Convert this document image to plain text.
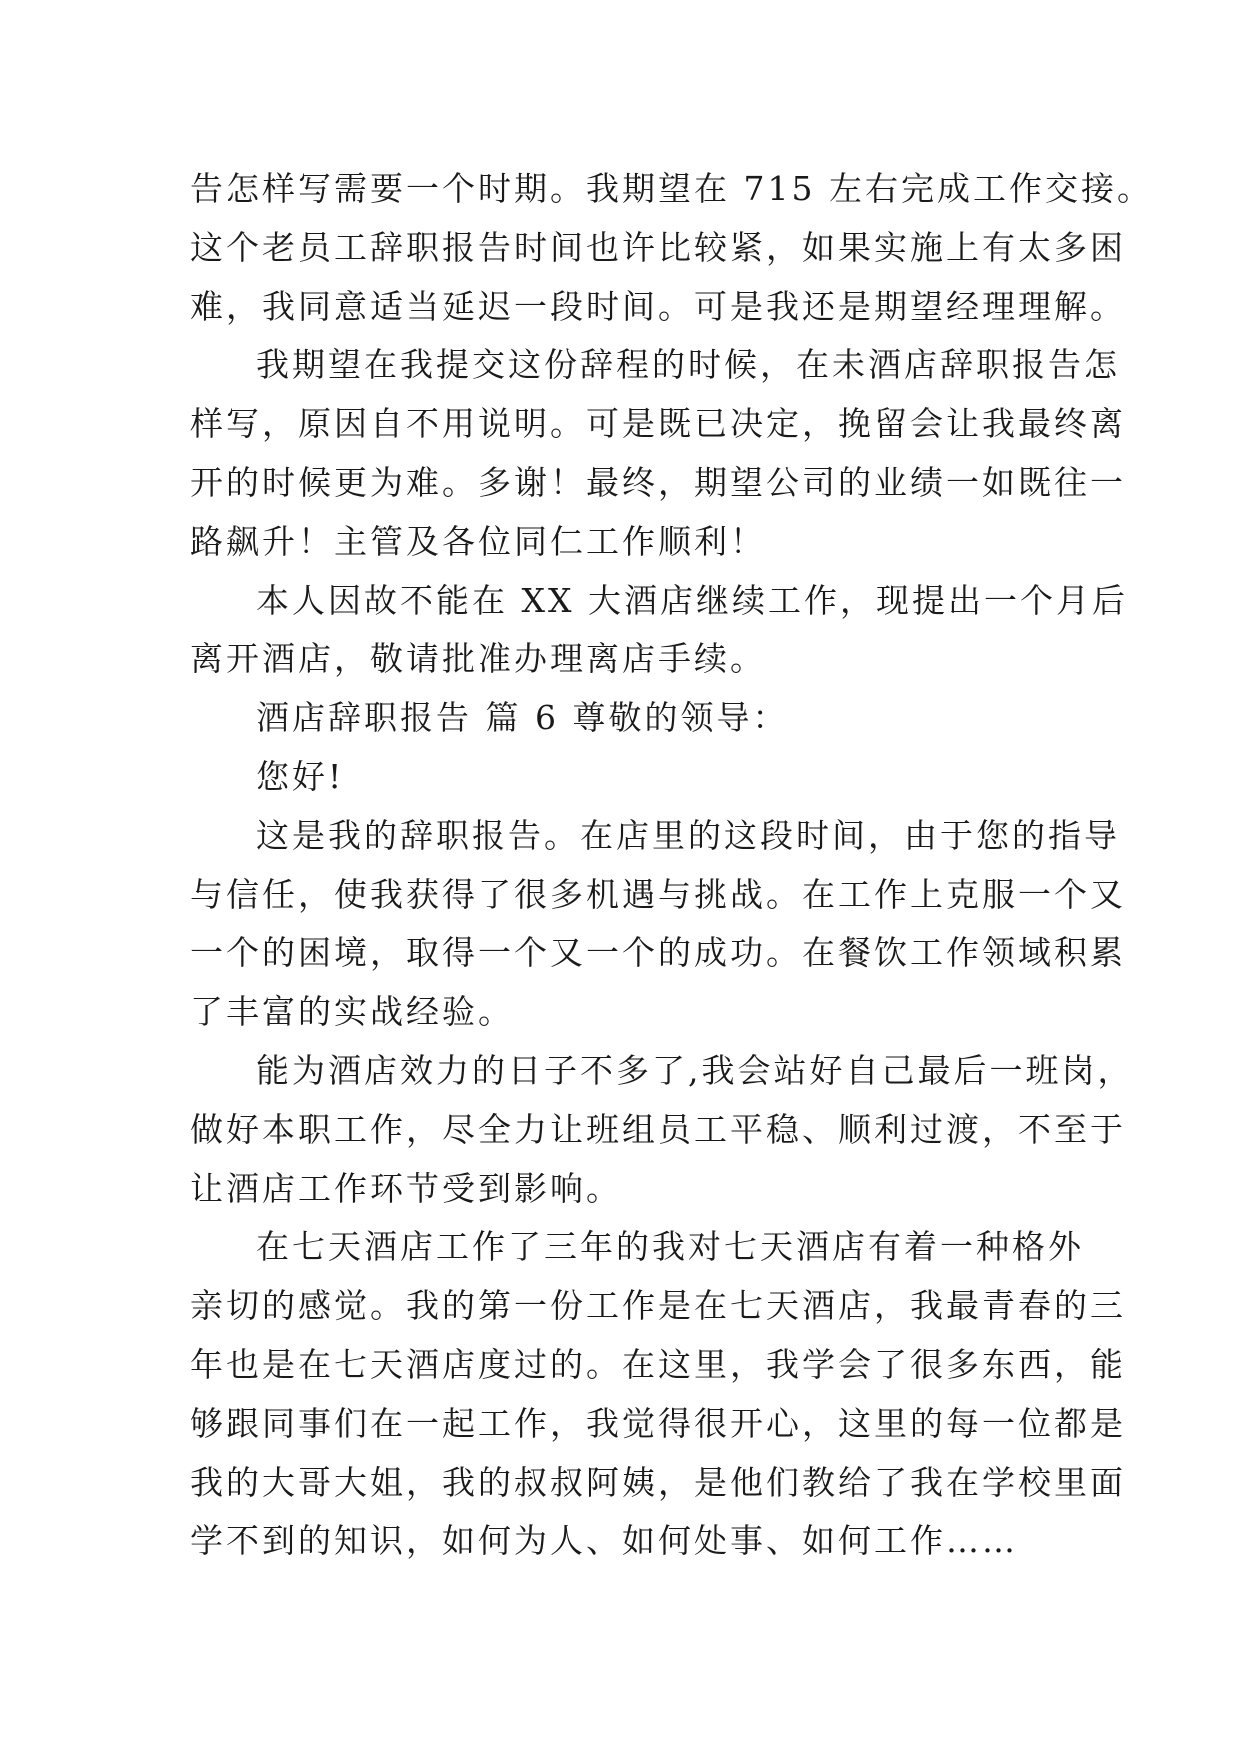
告怎样写需要一个时期。我期望在 715 左右完成工作交接。
这个老员工辞职报告时间也许比较紧，如果实施上有太多困
难，我同意适当延迟一段时间。可是我还是期望经理理解。
我期望在我提交这份辞程的时候，在未酒店辞职报告怎
样写，原因自不用说明。可是既已决定，挽留会让我最终离
开的时候更为难。多谢！最终，期望公司的业绩一如既往一
路飙升！主管及各位同仁工作顺利！
本人因故不能在 XX 大酒店继续工作，现提出一个月后
离开酒店，敬请批准办理离店手续。
酒店辞职报告 篇 6 尊敬的领导：
您好!
这是我的辞职报告。在店里的这段时间，由于您的指导
与信任，使我获得了很多机遇与挑战。在工作上克服一个又
一个的困境，取得一个又一个的成功。在餐饮工作领域积累
了丰富的实战经验。
能为酒店效力的日子不多了,我会站好自己最后一班岗，
做好本职工作，尽全力让班组员工平稳、顺利过渡，不至于
让酒店工作环节受到影响。
在七天酒店工作了三年的我对七天酒店有着一种格外
亲切的感觉。我的第一份工作是在七天酒店，我最青春的三
年也是在七天酒店度过的。在这里，我学会了很多东西，能
够跟同事们在一起工作，我觉得很开心，这里的每一位都是
我的大哥大姐，我的叔叔阿姨，是他们教给了我在学校里面
学不到的知识，如何为人、如何处事、如何工作……
